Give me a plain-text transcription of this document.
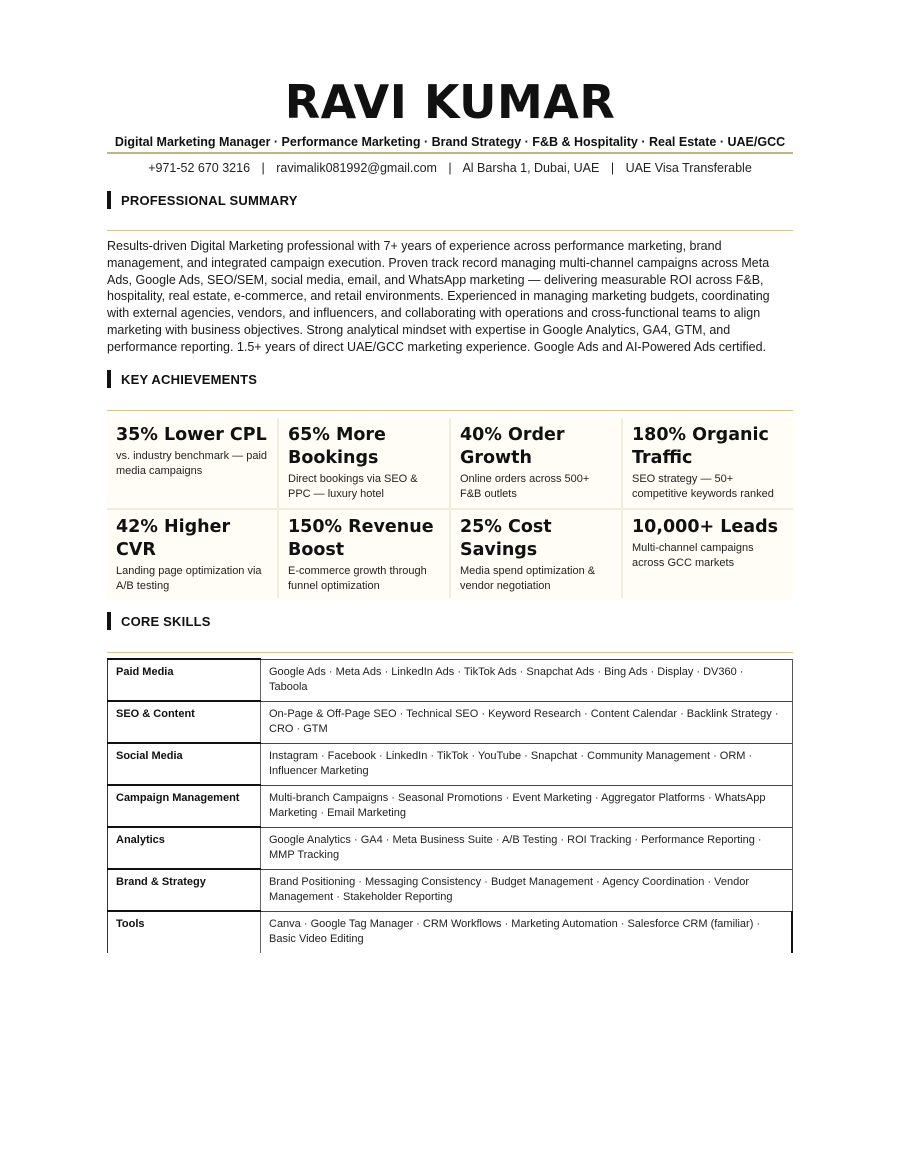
RAVI KUMAR
Digital Marketing Manager · Performance Marketing · Brand Strategy · F&B & Hospitality · Real Estate · UAE/GCC
+971-52 670 3216 | ravimalik081992@gmail.com | Al Barsha 1, Dubai, UAE | UAE Visa Transferable
PROFESSIONAL SUMMARY
Results-driven Digital Marketing professional with 7+ years of experience across performance marketing, brand management, and integrated campaign execution. Proven track record managing multi-channel campaigns across Meta Ads, Google Ads, SEO/SEM, social media, email, and WhatsApp marketing — delivering measurable ROI across F&B, hospitality, real estate, e-commerce, and retail environments. Experienced in managing marketing budgets, coordinating with external agencies, vendors, and influencers, and collaborating with operations and cross-functional teams to align marketing with business objectives. Strong analytical mindset with expertise in Google Analytics, GA4, GTM, and performance reporting. 1.5+ years of direct UAE/GCC marketing experience. Google Ads and AI-Powered Ads certified.
KEY ACHIEVEMENTS
35% Lower CPL
vs. industry benchmark — paid media campaigns
65% More Bookings
Direct bookings via SEO & PPC — luxury hotel
40% Order Growth
Online orders across 500+ F&B outlets
180% Organic Traffic
SEO strategy — 50+ competitive keywords ranked
42% Higher CVR
Landing page optimization via A/B testing
150% Revenue Boost
E-commerce growth through funnel optimization
25% Cost Savings
Media spend optimization & vendor negotiation
10,000+ Leads
Multi-channel campaigns across GCC markets
CORE SKILLS
Paid Media	Google Ads · Meta Ads · LinkedIn Ads · TikTok Ads · Snapchat Ads · Bing Ads · Display · DV360 · Taboola
SEO & Content	On-Page & Off-Page SEO · Technical SEO · Keyword Research · Content Calendar · Backlink Strategy · CRO · GTM
Social Media	Instagram · Facebook · LinkedIn · TikTok · YouTube · Snapchat · Community Management · ORM · Influencer Marketing
Campaign Management	Multi-branch Campaigns · Seasonal Promotions · Event Marketing · Aggregator Platforms · WhatsApp Marketing · Email Marketing
Analytics	Google Analytics · GA4 · Meta Business Suite · A/B Testing · ROI Tracking · Performance Reporting · MMP Tracking
Brand & Strategy	Brand Positioning · Messaging Consistency · Budget Management · Agency Coordination · Vendor Management · Stakeholder Reporting
Tools	Canva · Google Tag Manager · CRM Workflows · Marketing Automation · Salesforce CRM (familiar) · Basic Video Editing
